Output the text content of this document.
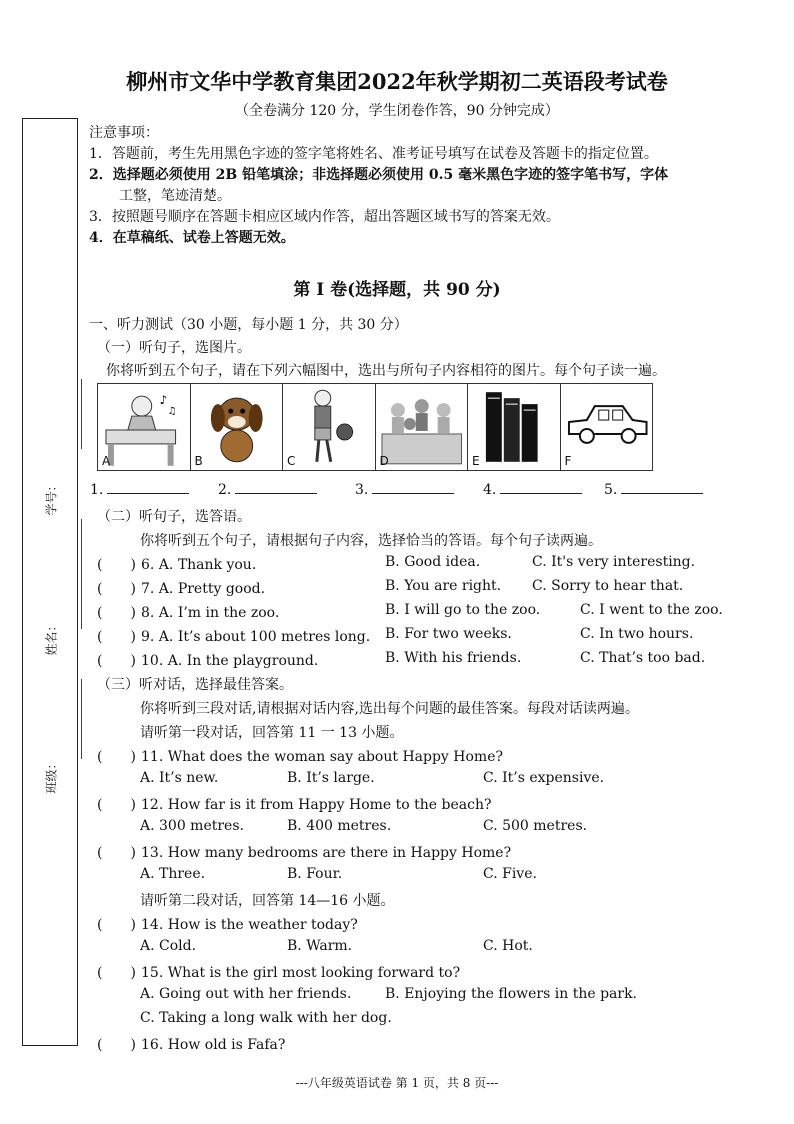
柳州市文华中学教育集团2022年秋学期初二英语段考试卷
（全卷满分 120 分，学生闭卷作答，90 分钟完成）
学号：
姓名：
班级：
注意事项：
1．答题前，考生先用黑色字迹的签字笔将姓名、准考证号填写在试卷及答题卡的指定位置。
2．选择题必须使用 2B 铅笔填涂；非选择题必须使用 0.5 毫米黑色字迹的签字笔书写，字体
工整，笔迹清楚。
3．按照题号顺序在答题卡相应区域内作答，超出答题区域书写的答案无效。
4．在草稿纸、试卷上答题无效。
第 I 卷(选择题，共 90 分)
一、听力测试（30 小题，每小题 1 分，共 30 分）
（一）听句子，选图片。
你将听到五个句子，请在下列六幅图中，选出与所句子内容相符的图片。每个句子读一遍。
♪
♫
A	B	C	D	E	F
1.	2.	3.	4.	5.
（二）听句子，选答语。
你将听到五个句子，请根据句子内容，选择恰当的答语。每个句子读两遍。
(　　) 6. A. Thank you.	B. Good idea.	C. It's very interesting.
(　　) 7. A. Pretty good.	B. You are right. C. Sorry to hear that.
(　　) 8. A. I’m in the zoo.	B. I will go to the zoo.	C. I went to the zoo.
(　　) 9. A. It’s about 100 metres long. B. For two weeks.	C. In two hours.
(　　) 10. A. In the playground.	B. With his friends.	C. That’s too bad.
（三）听对话，选择最佳答案。
你将听到三段对话,请根据对话内容,选出每个问题的最佳答案。每段对话读两遍。
请听第一段对话，回答第 11 一 13 小题。
(　　) 11. What does the woman say about Happy Home?
A. It’s new.	B. It’s large.	C. It’s expensive.
(　　) 12. How far is it from Happy Home to the beach?
A. 300 metres.	B. 400 metres.	C. 500 metres.
(　　) 13. How many bedrooms are there in Happy Home?
A. Three.	B. Four.	C. Five.
请听第二段对话，回答第 14—16 小题。
(　　) 14. How is the weather today?
A. Cold.	B. Warm.	C. Hot.
(　　) 15. What is the girl most looking forward to?
A. Going out with her friends. B. Enjoying the flowers in the park.
C. Taking a long walk with her dog.
(　　) 16. How old is Fafa?
---八年级英语试卷 第 1 页，共 8 页---
